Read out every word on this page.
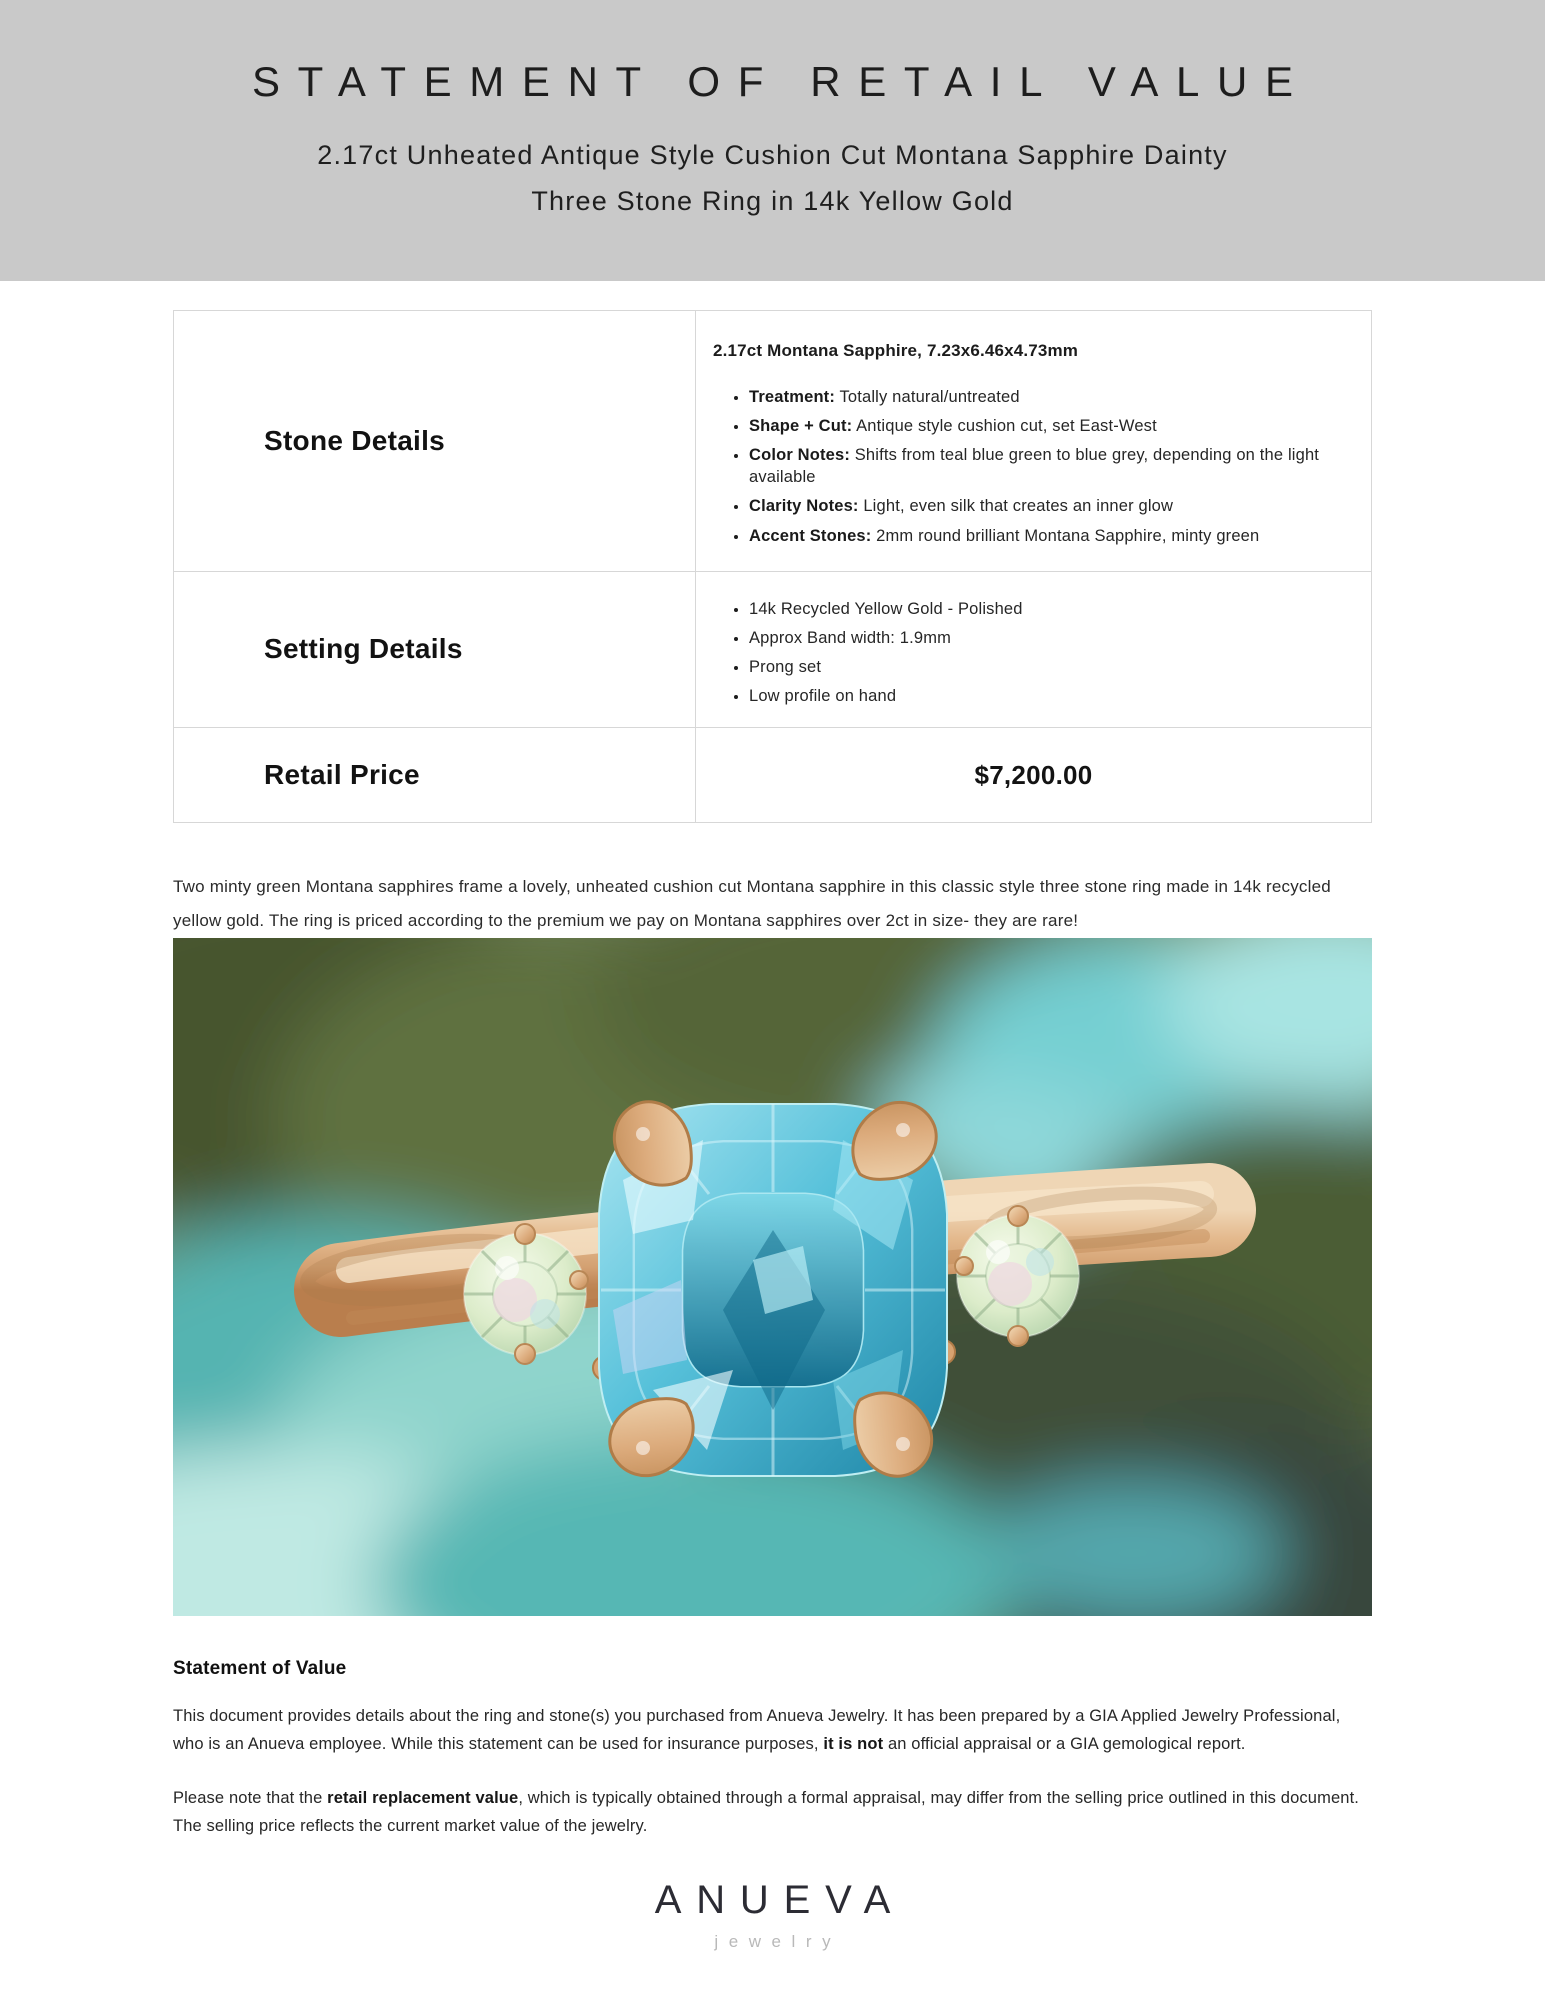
STATEMENT OF RETAIL VALUE
2.17ct Unheated Antique Style Cushion Cut Montana Sapphire Dainty
Three Stone Ring in 14k Yellow Gold
Stone Details

2.17ct Montana Sapphire, 7.23x6.46x4.73mm

• Treatment: Totally natural/untreated
• Shape + Cut: Antique style cushion cut, set East-West
• Color Notes: Shifts from teal blue green to blue grey, depending on the light available
• Clarity Notes: Light, even silk that creates an inner glow
• Accent Stones: 2mm round brilliant Montana Sapphire, minty green
Setting Details
• 14k Recycled Yellow Gold - Polished
• Approx Band width: 1.9mm
• Prong set
• Low profile on hand
Retail Price	$7,200.00

Two minty green Montana sapphires frame a lovely, unheated cushion cut Montana sapphire in this classic style three stone ring made in 14k recycled yellow gold. The ring is priced according to the premium we pay on Montana sapphires over 2ct in size- they are rare!

Statement of Value

This document provides details about the ring and stone(s) you purchased from Anueva Jewelry. It has been prepared by a GIA Applied Jewelry Professional, who is an Anueva employee. While this statement can be used for insurance purposes, it is not an official appraisal or a GIA gemological report.

Please note that the retail replacement value, which is typically obtained through a formal appraisal, may differ from the selling price outlined in this document. The selling price reflects the current market value of the jewelry.

ANUEVA
jewelry
